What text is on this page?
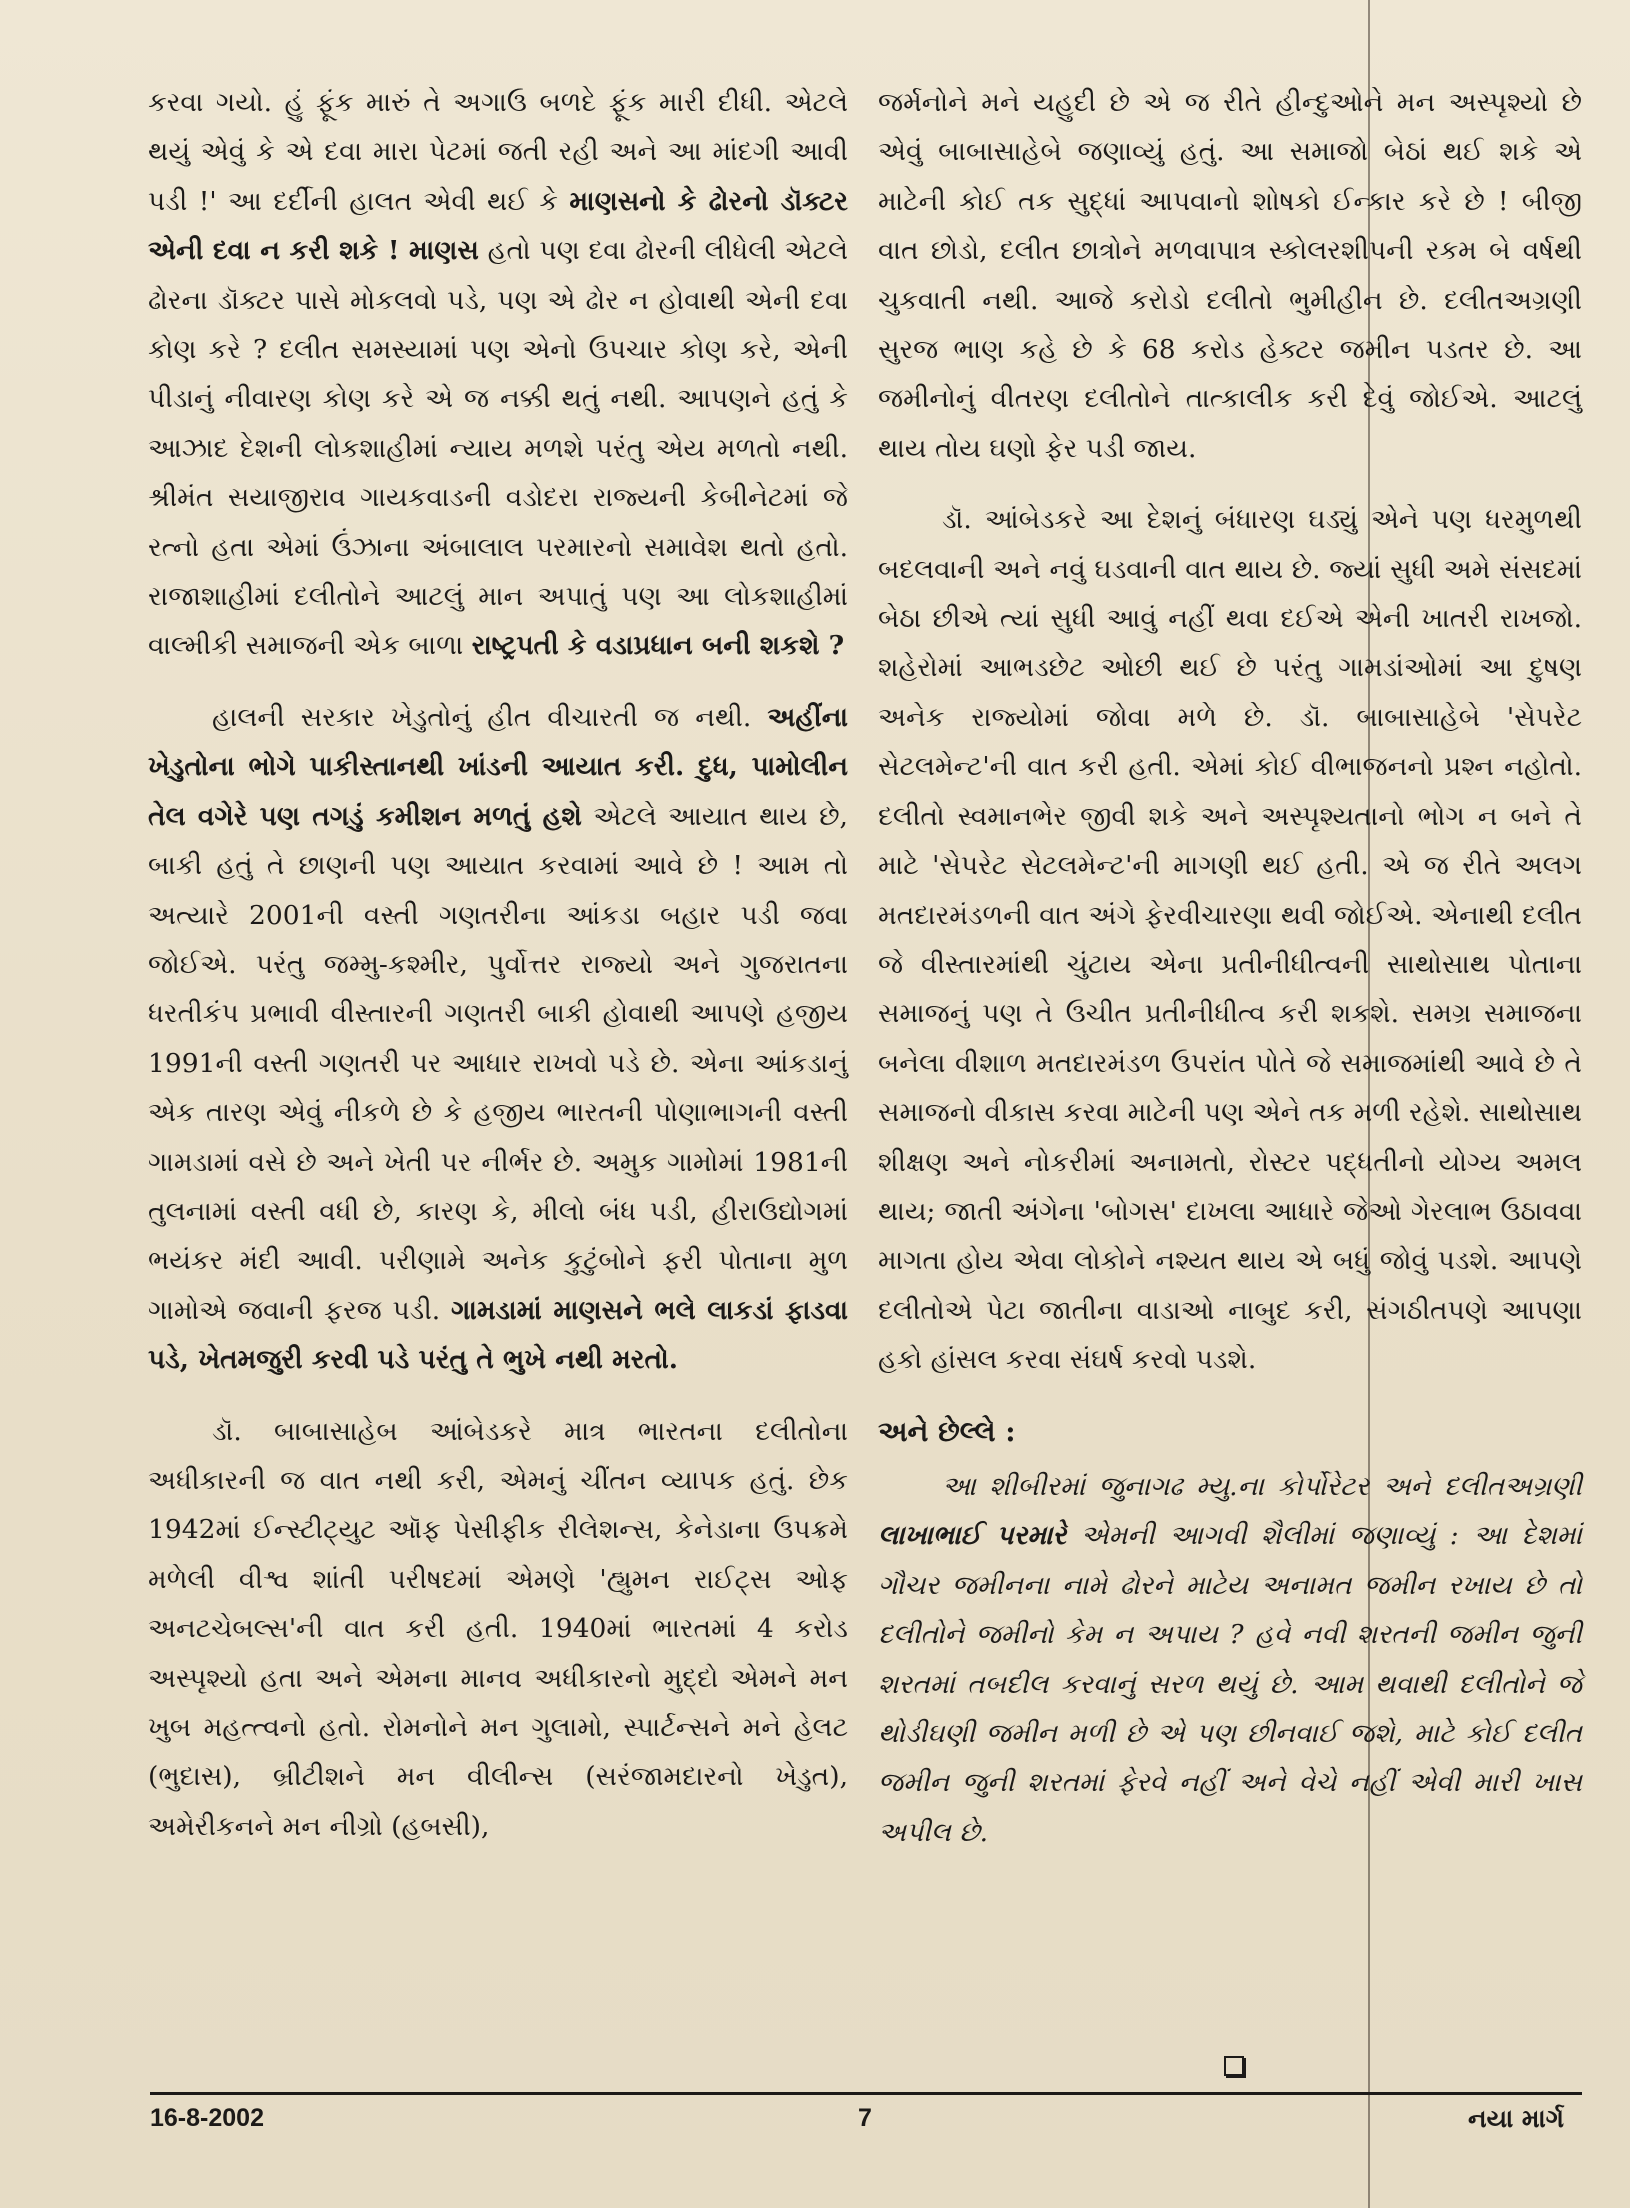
કરવા ગયો. હું ફૂંક મારું તે અગાઉ બળદે ફૂંક મારી દીધી. એટલે થયું એવું કે એ દવા મારા પેટમાં જતી રહી અને આ માંદગી આવી પડી !' આ દર્દીની હાલત એવી થઈ કે માણસનો કે ઢોરનો ડૉક્ટર એની દવા ન કરી શકે ! માણસ હતો પણ દવા ઢોરની લીધેલી એટલે ઢોરના ડૉક્ટર પાસે મોકલવો પડે, પણ એ ઢોર ન હોવાથી એની દવા કોણ કરે ? દલીત સમસ્યામાં પણ એનો ઉપચાર કોણ કરે, એની પીડાનું નીવારણ કોણ કરે એ જ નક્કી થતું નથી. આપણને હતું કે આઝાદ દેશની લોકશાહીમાં ન્યાય મળશે પરંતુ એય મળતો નથી. શ્રીમંત સયાજીરાવ ગાયકવાડની વડોદરા રાજ્યની કેબીનેટમાં જે રત્નો હતા એમાં ઉંઝાના અંબાલાલ પરમારનો સમાવેશ થતો હતો. રાજાશાહીમાં દલીતોને આટલું માન અપાતું પણ આ લોકશાહીમાં વાલ્મીકી સમાજની એક બાળા રાષ્ટ્રપતી કે વડાપ્રધાન બની શકશે ?

હાલની સરકાર ખેડુતોનું હીત વીચારતી જ નથી. અહીંના ખેડુતોના ભોગે પાકીસ્તાનથી ખાંડની આયાત કરી. દુધ, પામોલીન તેલ વગેરે પણ તગડું કમીશન મળતું હશે એટલે આયાત થાય છે, બાકી હતું તે છાણની પણ આયાત કરવામાં આવે છે ! આમ તો અત્યારે 2001ની વસ્તી ગણતરીના આંકડા બહાર પડી જવા જોઈએ. પરંતુ જમ્મુ-કશ્મીર, પુર્વોત્તર રાજ્યો અને ગુજરાતના ધરતીકંપ પ્રભાવી વીસ્તારની ગણતરી બાકી હોવાથી આપણે હજીય 1991ની વસ્તી ગણતરી પર આધાર રાખવો પડે છે. એના આંકડાનું એક તારણ એવું નીકળે છે કે હજીય ભારતની પોણાભાગની વસ્તી ગામડામાં વસે છે અને ખેતી પર નીર્ભર છે. અમુક ગામોમાં 1981ની તુલનામાં વસ્તી વધી છે, કારણ કે, મીલો બંધ પડી, હીરાઉદ્યોગમાં ભયંકર મંદી આવી. પરીણામે અનેક કુટુંબોને ફરી પોતાના મુળ ગામોએ જવાની ફરજ પડી. ગામડામાં માણસને ભલે લાકડાં ફાડવા પડે, ખેતમજુરી કરવી પડે પરંતુ તે ભુખે નથી મરતો.

ડૉ. બાબાસાહેબ આંબેડકરે માત્ર ભારતના દલીતોના અધીકારની જ વાત નથી કરી, એમનું ચીંતન વ્યાપક હતું. છેક 1942માં ઈન્સ્ટીટ્યુટ ઑફ પેસીફીક રીલેશન્સ, કેનેડાના ઉપક્રમે મળેલી વીશ્વ શાંતી પરીષદમાં એમણે 'હ્યુમન રાઈટ્સ ઓફ અનટચેબલ્સ'ની વાત કરી હતી. 1940માં ભારતમાં 4 કરોડ અસ્પૃશ્યો હતા અને એમના માનવ અધીકારનો મુદ્દો એમને મન ખુબ મહત્ત્વનો હતો. રોમનોને મન ગુલામો, સ્પાર્ટન્સને મને હેલટ (ભુદાસ), બ્રીટીશને મન વીલીન્સ (સરંજામદારનો ખેડુત), અમેરીકનને મન નીગ્રો (હબસી),

જર્મનોને મને યહુદી છે એ જ રીતે હીન્દુઓને મન અસ્પૃશ્યો છે એવું બાબાસાહેબે જણાવ્યું હતું. આ સમાજો બેઠાં થઈ શકે એ માટેની કોઈ તક સુદ્ધાં આપવાનો શોષકો ઈન્કાર કરે છે ! બીજી વાત છોડો, દલીત છાત્રોને મળવાપાત્ર સ્કોલરશીપની રકમ બે વર્ષથી ચુકવાતી નથી. આજે કરોડો દલીતો ભુમીહીન છે. દલીતઅગ્રણી સુરજ ભાણ કહે છે કે 68 કરોડ હેક્ટર જમીન પડતર છે. આ જમીનોનું વીતરણ દલીતોને તાત્કાલીક કરી દેવું જોઈએ. આટલું થાય તોય ઘણો ફેર પડી જાય.

ડૉ. આંબેડકરે આ દેશનું બંધારણ ઘડ્યું એને પણ ધરમુળથી બદલવાની અને નવું ઘડવાની વાત થાય છે. જ્યાં સુધી અમે સંસદમાં બેઠા છીએ ત્યાં સુધી આવું નહીં થવા દઈએ એની ખાતરી રાખજો. શહેરોમાં આભડછેટ ઓછી થઈ છે પરંતુ ગામડાંઓમાં આ દુષણ અનેક રાજ્યોમાં જોવા મળે છે. ડૉ. બાબાસાહેબે 'સેપરેટ સેટલમેન્ટ'ની વાત કરી હતી. એમાં કોઈ વીભાજનનો પ્રશ્ન નહોતો. દલીતો સ્વમાનભેર જીવી શકે અને અસ્પૃશ્યતાનો ભોગ ન બને તે માટે 'સેપરેટ સેટલમેન્ટ'ની માગણી થઈ હતી. એ જ રીતે અલગ મતદારમંડળની વાત અંગે ફેરવીચારણા થવી જોઈએ. એનાથી દલીત જે વીસ્તારમાંથી ચુંટાય એના પ્રતીનીધીત્વની સાથોસાથ પોતાના સમાજનું પણ તે ઉચીત પ્રતીનીધીત્વ કરી શકશે. સમગ્ર સમાજના બનેલા વીશાળ મતદારમંડળ ઉપરાંત પોતે જે સમાજમાંથી આવે છે તે સમાજનો વીકાસ કરવા માટેની પણ એને તક મળી રહેશે. સાથોસાથ શીક્ષણ અને નોકરીમાં અનામતો, રોસ્ટર પદ્ધતીનો યોગ્ય અમલ થાય; જાતી અંગેના 'બોગસ' દાખલા આધારે જેઓ ગેરલાભ ઉઠાવવા માગતા હોય એવા લોકોને નશ્યત થાય એ બધું જોવું પડશે. આપણે દલીતોએ પેટા જાતીના વાડાઓ નાબુદ કરી, સંગઠીતપણે આપણા હકો હાંસલ કરવા સંઘર્ષ કરવો પડશે.

અને છેલ્લે :

આ શીબીરમાં જુનાગઢ મ્યુ.ના કોર્પોરેટર અને દલીતઅગ્રણી લાખાભાઈ પરમારે એમની આગવી શૈલીમાં જણાવ્યું : આ દેશમાં ગૌચર જમીનના નામે ઢોરને માટેય અનામત જમીન રખાય છે તો દલીતોને જમીનો કેમ ન અપાય ? હવે નવી શરતની જમીન જુની શરતમાં તબદીલ કરવાનું સરળ થયું છે. આમ થવાથી દલીતોને જે થોડીઘણી જમીન મળી છે એ પણ છીનવાઈ જશે, માટે કોઈ દલીત જમીન જુની શરતમાં ફેરવે નહીં અને વેચે નહીં એવી મારી ખાસ અપીલ છે.

16-8-2002	7	નયા માર્ગ
